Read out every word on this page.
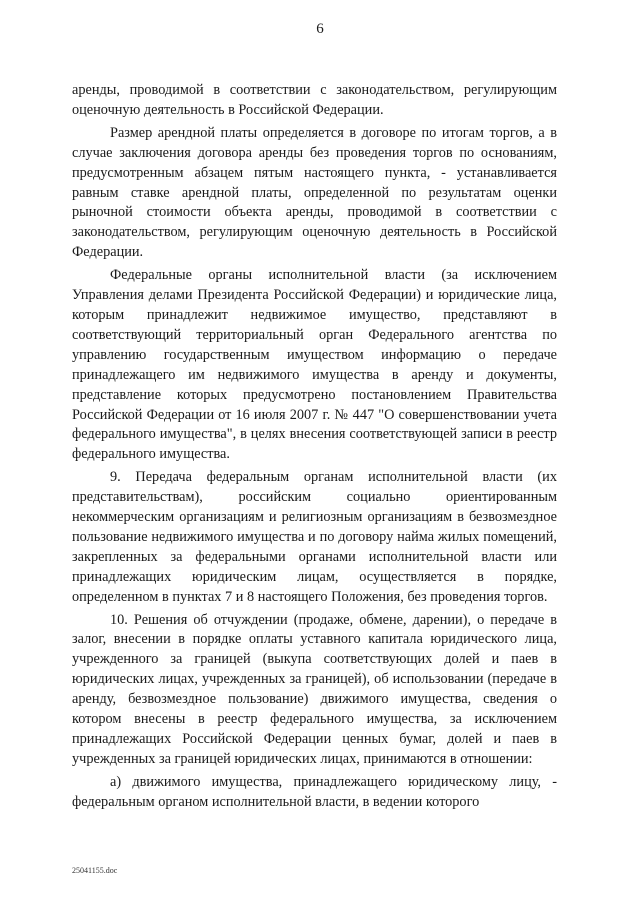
6

аренды, проводимой в соответствии с законодательством, регулирующим оценочную деятельность в Российской Федерации.

Размер арендной платы определяется в договоре по итогам торгов, а в случае заключения договора аренды без проведения торгов по основаниям, предусмотренным абзацем пятым настоящего пункта, - устанавливается равным ставке арендной платы, определенной по результатам оценки рыночной стоимости объекта аренды, проводимой в соответствии с законодательством, регулирующим оценочную деятельность в Российской Федерации.

Федеральные органы исполнительной власти (за исключением Управления делами Президента Российской Федерации) и юридические лица, которым принадлежит недвижимое имущество, представляют в соответствующий территориальный орган Федерального агентства по управлению государственным имуществом информацию о передаче принадлежащего им недвижимого имущества в аренду и документы, представление которых предусмотрено постановлением Правительства Российской Федерации от 16 июля 2007 г. № 447 "О совершенствовании учета федерального имущества", в целях внесения соответствующей записи в реестр федерального имущества.

9. Передача федеральным органам исполнительной власти (их представительствам), российским социально ориентированным некоммерческим организациям и религиозным организациям в безвозмездное пользование недвижимого имущества и по договору найма жилых помещений, закрепленных за федеральными органами исполнительной власти или принадлежащих юридическим лицам, осуществляется в порядке, определенном в пунктах 7 и 8 настоящего Положения, без проведения торгов.

10. Решения об отчуждении (продаже, обмене, дарении), о передаче в залог, внесении в порядке оплаты уставного капитала юридического лица, учрежденного за границей (выкупа соответствующих долей и паев в юридических лицах, учрежденных за границей), об использовании (передаче в аренду, безвозмездное пользование) движимого имущества, сведения о котором внесены в реестр федерального имущества, за исключением принадлежащих Российской Федерации ценных бумаг, долей и паев в учрежденных за границей юридических лицах, принимаются в отношении:

а) движимого имущества, принадлежащего юридическому лицу, - федеральным органом исполнительной власти, в ведении которого

25041155.doc
